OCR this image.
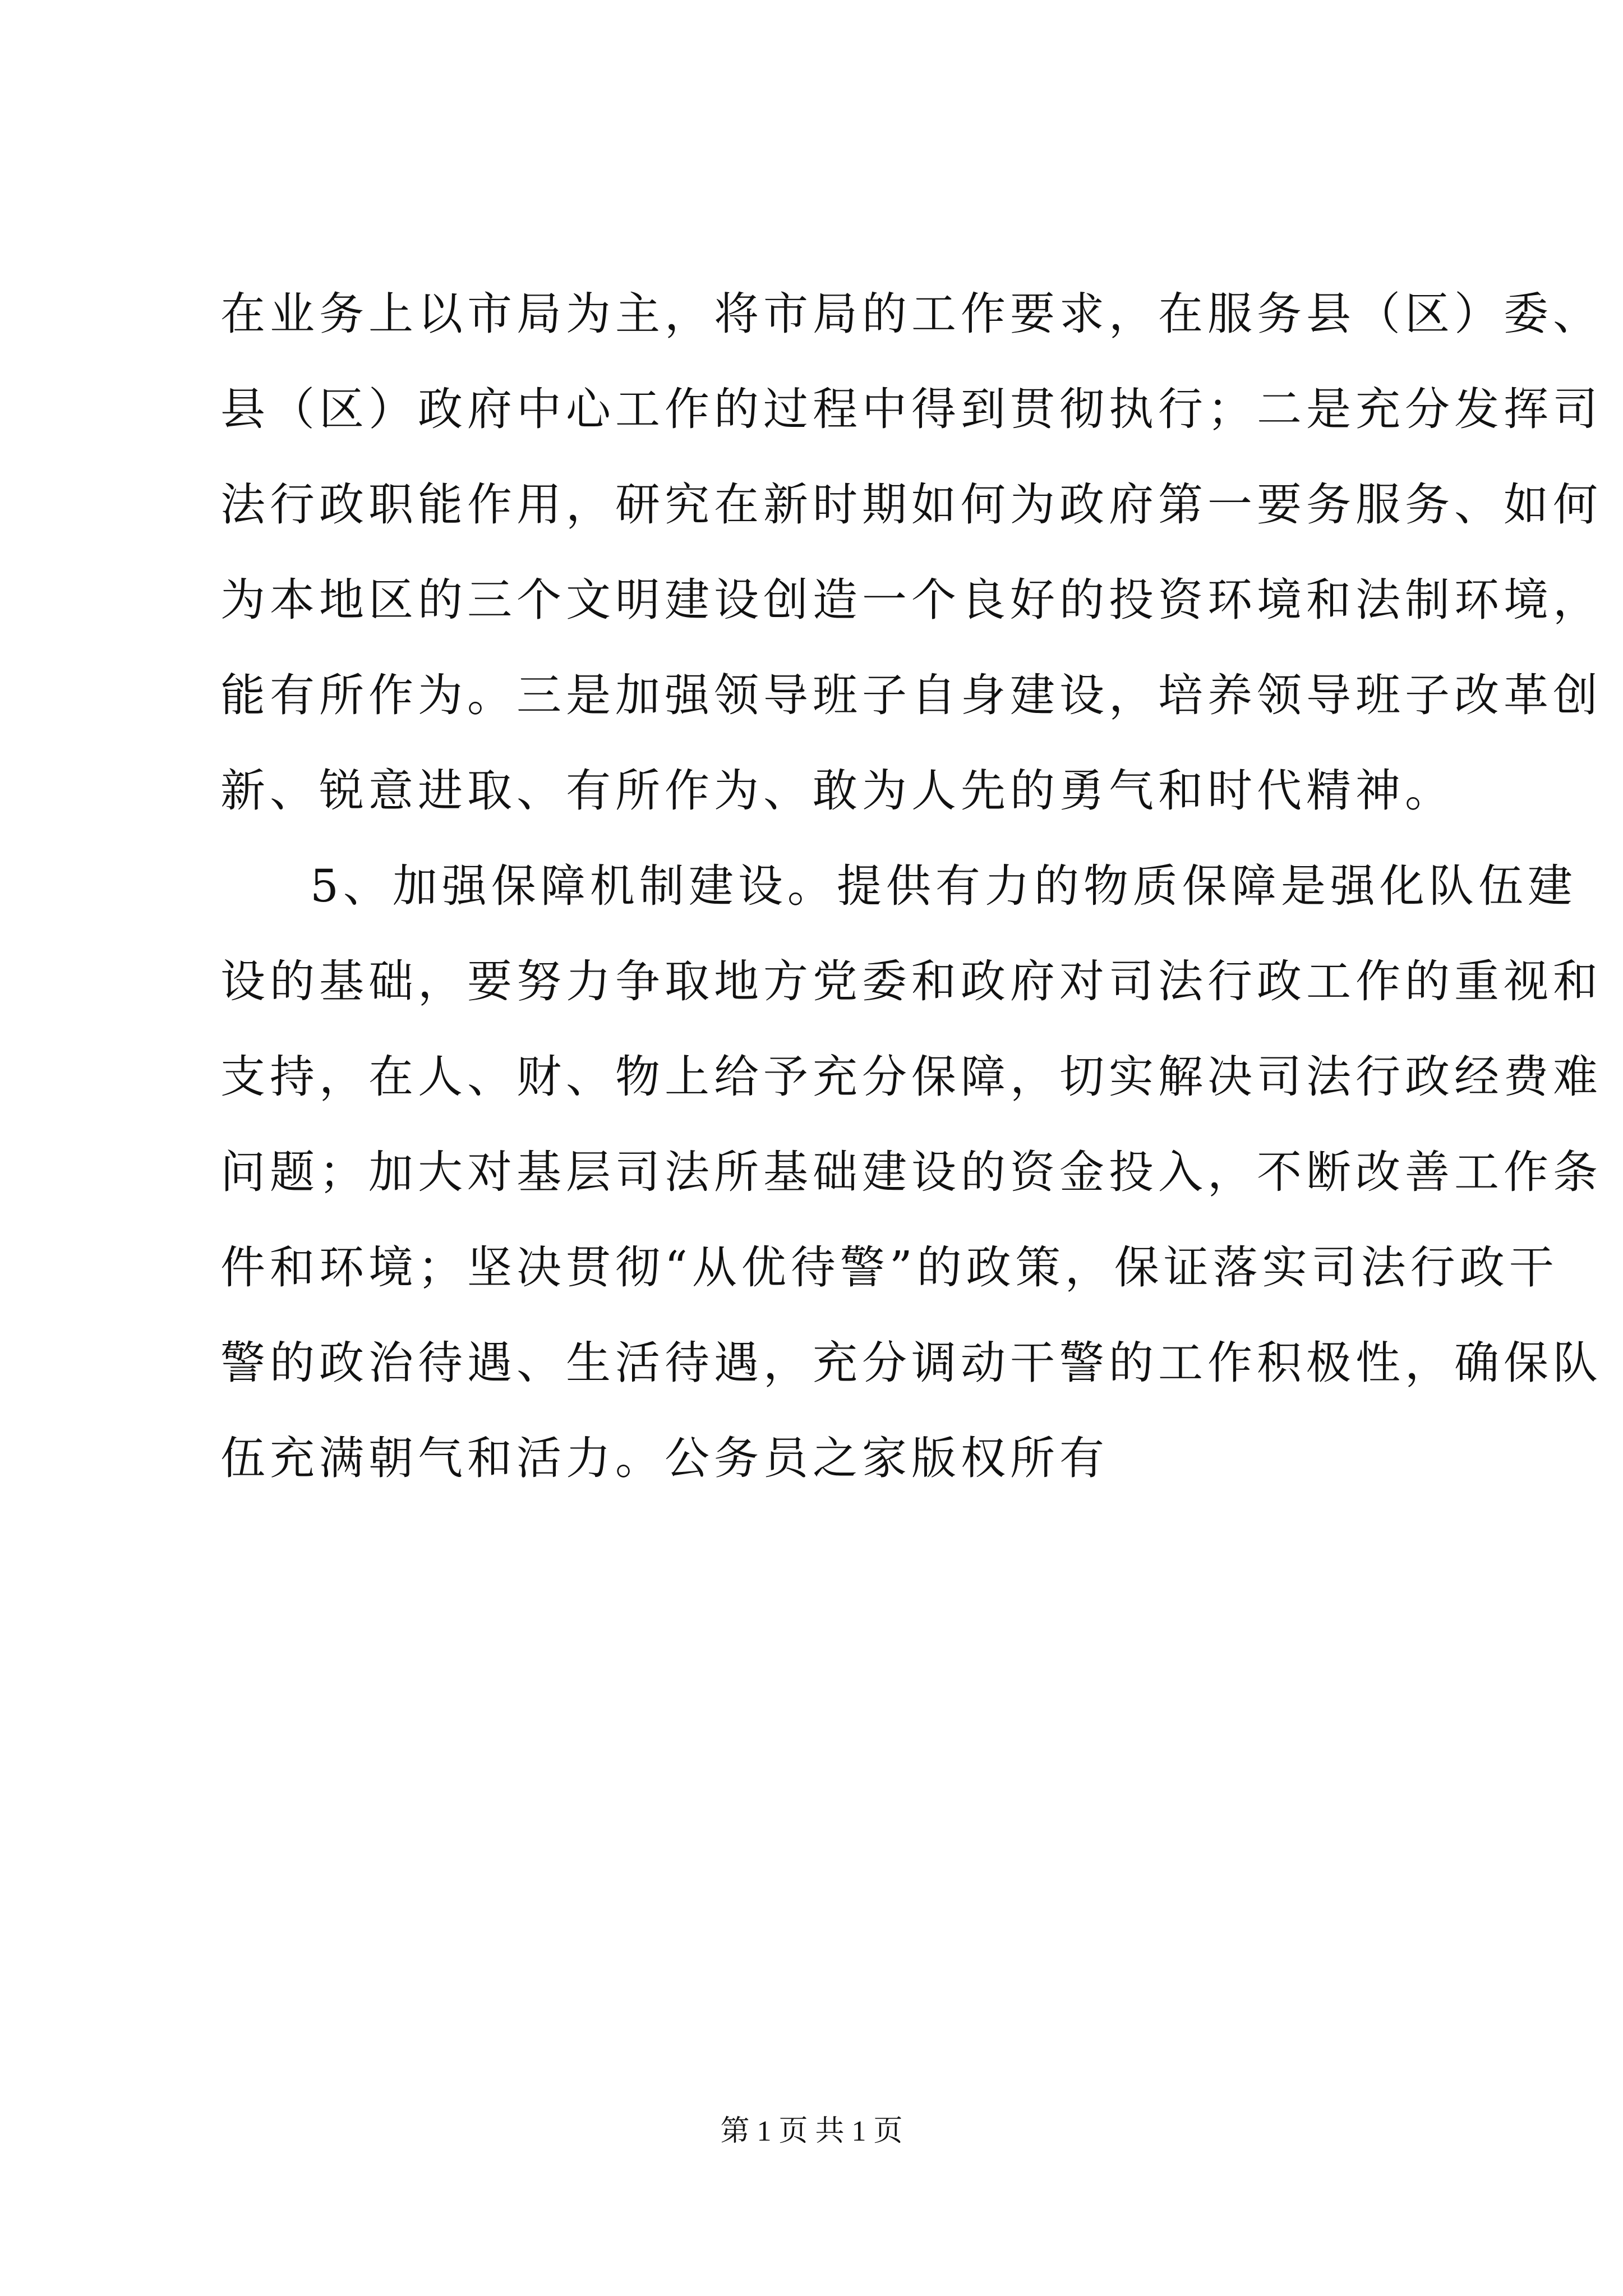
在业务上以市局为主，将市局的工作要求，在服务县（区）委、
县（区）政府中心工作的过程中得到贯彻执行；二是充分发挥司
法行政职能作用，研究在新时期如何为政府第一要务服务、如何
为本地区的三个文明建设创造一个良好的投资环境和法制环境，
能有所作为。三是加强领导班子自身建设，培养领导班子改革创
新、锐意进取、有所作为、敢为人先的勇气和时代精神。
5、加强保障机制建设。提供有力的物质保障是强化队伍建
设的基础，要努力争取地方党委和政府对司法行政工作的重视和
支持，在人、财、物上给予充分保障，切实解决司法行政经费难
问题；加大对基层司法所基础建设的资金投入，不断改善工作条
件和环境；坚决贯彻“从优待警”的政策，保证落实司法行政干
警的政治待遇、生活待遇，充分调动干警的工作积极性，确保队
伍充满朝气和活力。公务员之家版权所有
第 1 页 共 1 页
